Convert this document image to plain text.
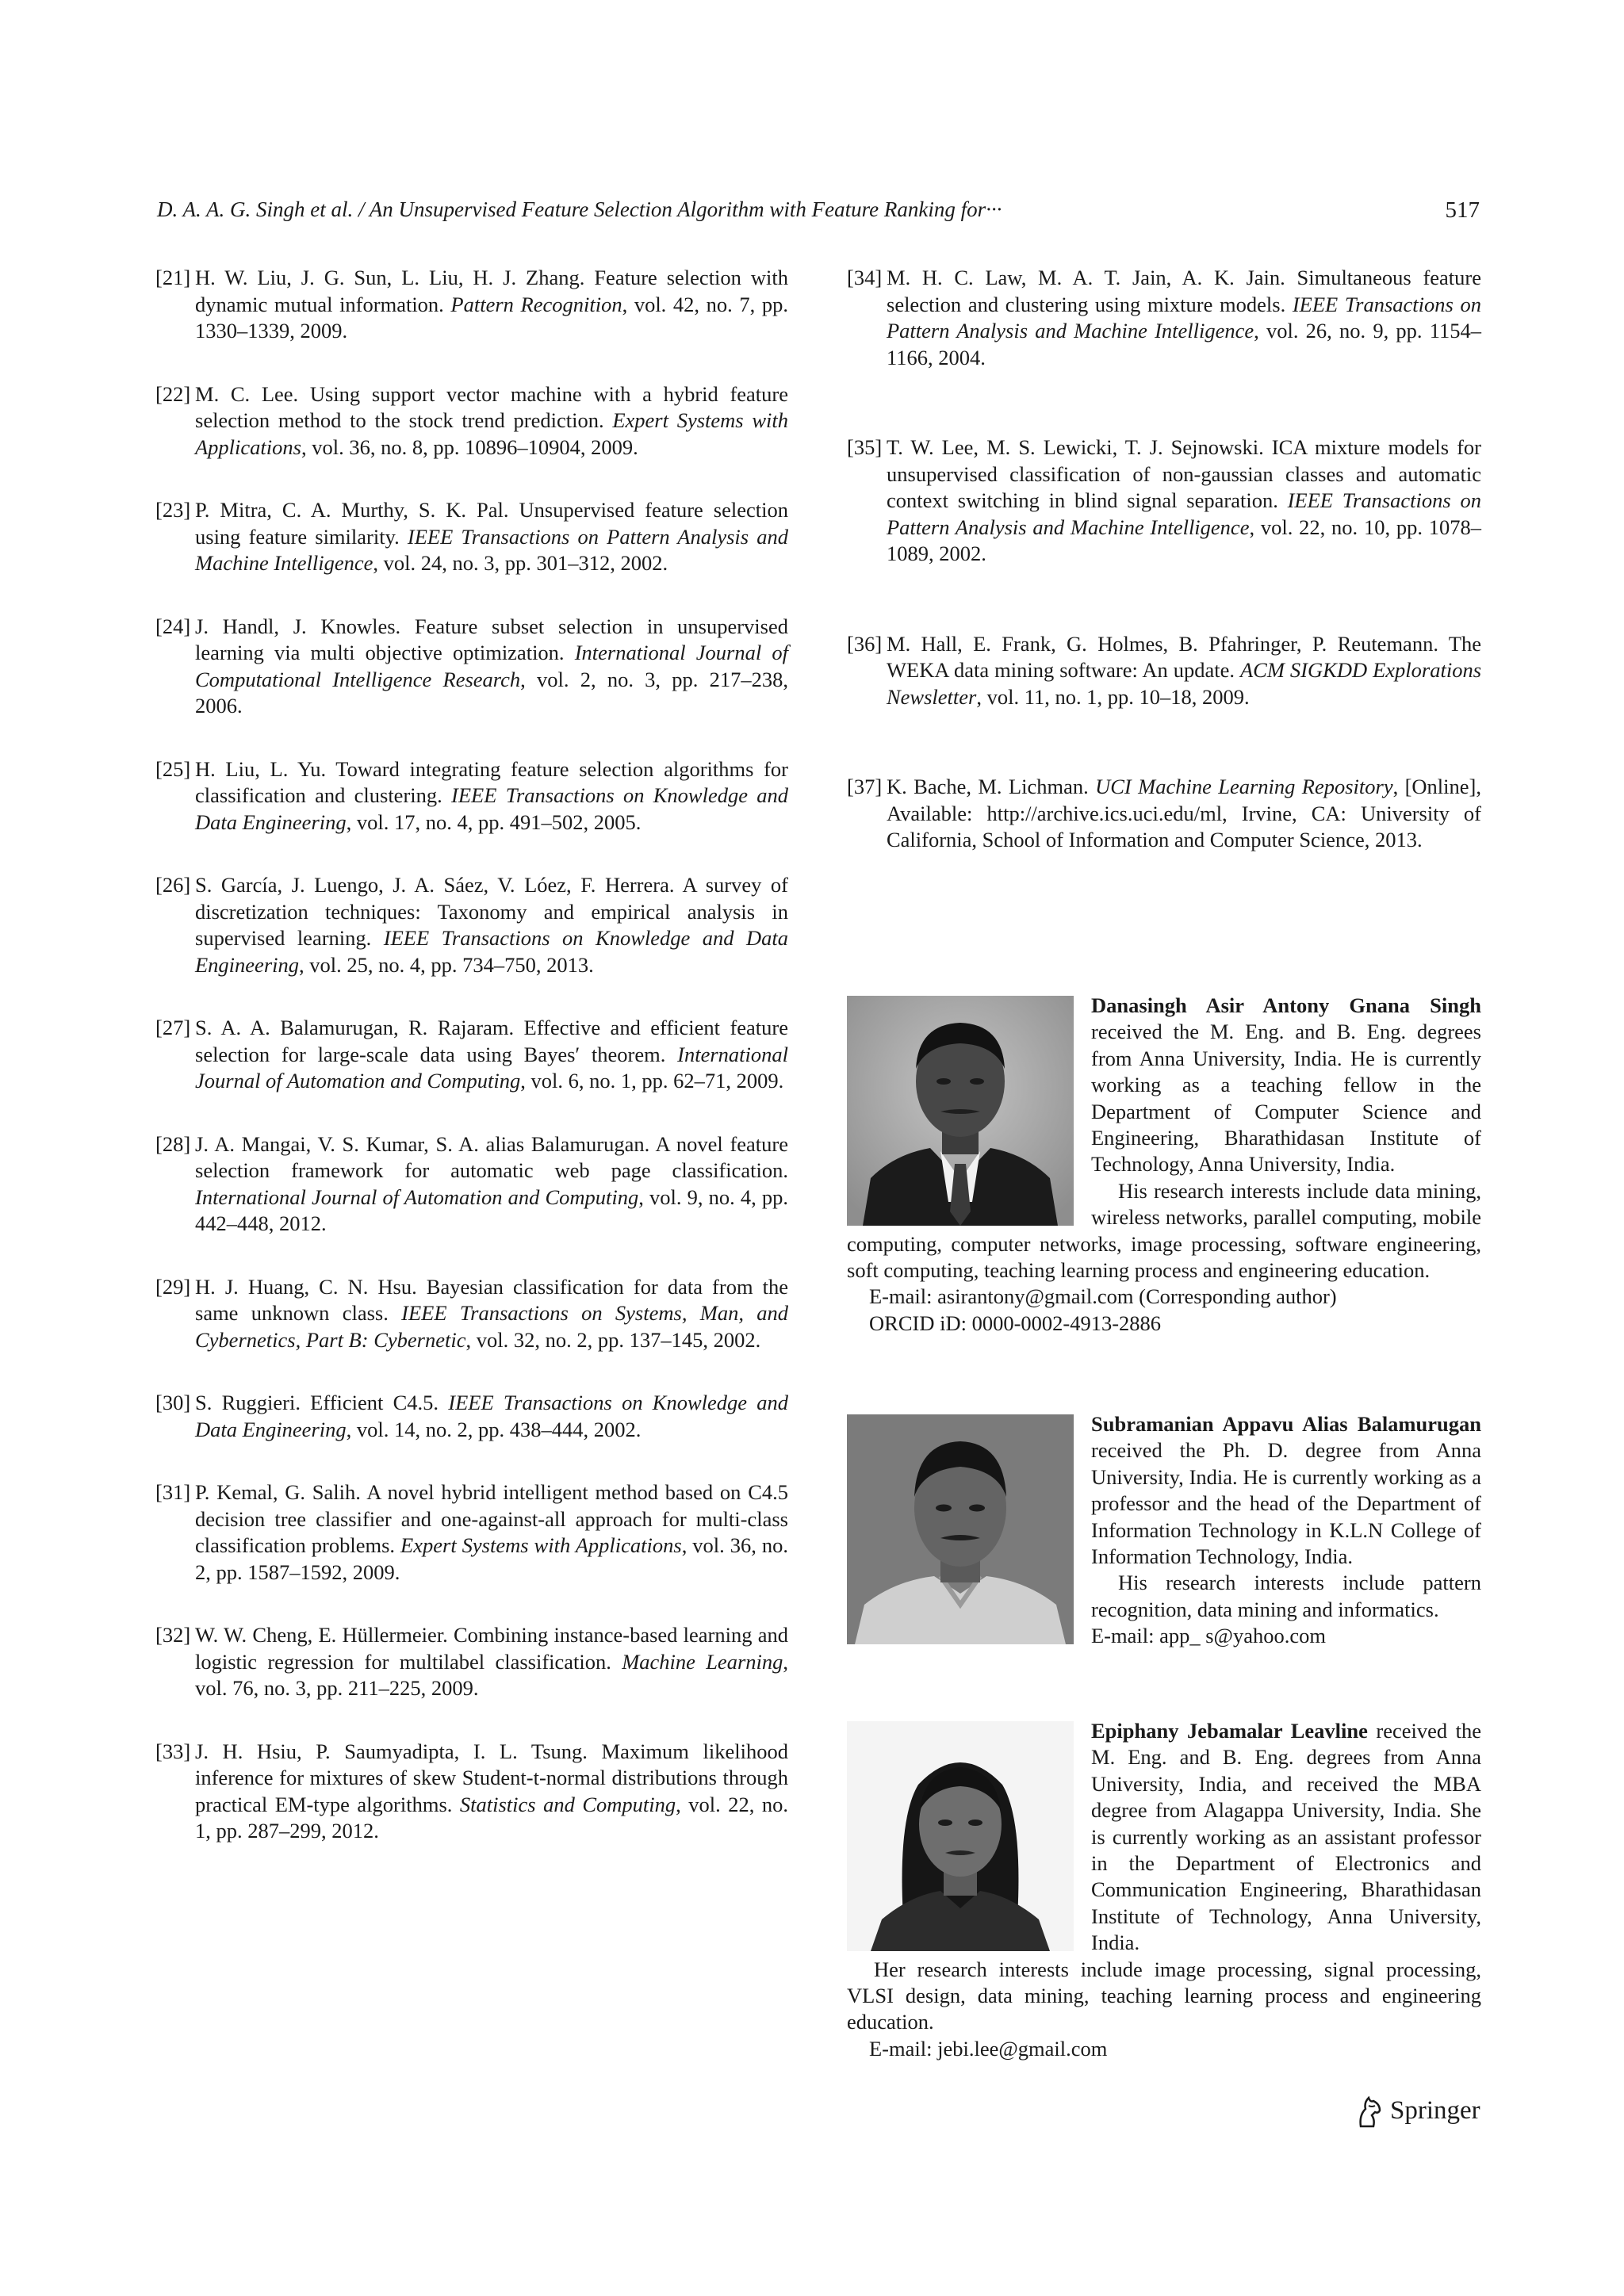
D. A. A. G. Singh et al. / An Unsupervised Feature Selection Algorithm with Feature Ranking for···	517

[21] H. W. Liu, J. G. Sun, L. Liu, H. J. Zhang. Feature selection with dynamic mutual information. Pattern Recognition, vol. 42, no. 7, pp. 1330–1339, 2009.

[22] M. C. Lee. Using support vector machine with a hybrid feature selection method to the stock trend prediction. Expert Systems with Applications, vol. 36, no. 8, pp. 10896–10904, 2009.

[23] P. Mitra, C. A. Murthy, S. K. Pal. Unsupervised feature selection using feature similarity. IEEE Transactions on Pattern Analysis and Machine Intelligence, vol. 24, no. 3, pp. 301–312, 2002.

[24] J. Handl, J. Knowles. Feature subset selection in unsupervised learning via multi objective optimization. International Journal of Computational Intelligence Research, vol. 2, no. 3, pp. 217–238, 2006.

[25] H. Liu, L. Yu. Toward integrating feature selection algorithms for classification and clustering. IEEE Transactions on Knowledge and Data Engineering, vol. 17, no. 4, pp. 491–502, 2005.

[26] S. García, J. Luengo, J. A. Sáez, V. Lóez, F. Herrera. A survey of discretization techniques: Taxonomy and empirical analysis in supervised learning. IEEE Transactions on Knowledge and Data Engineering, vol. 25, no. 4, pp. 734–750, 2013.

[27] S. A. A. Balamurugan, R. Rajaram. Effective and efficient feature selection for large-scale data using Bayes′ theorem. International Journal of Automation and Computing, vol. 6, no. 1, pp. 62–71, 2009.

[28] J. A. Mangai, V. S. Kumar, S. A. alias Balamurugan. A novel feature selection framework for automatic web page classification. International Journal of Automation and Computing, vol. 9, no. 4, pp. 442–448, 2012.

[29] H. J. Huang, C. N. Hsu. Bayesian classification for data from the same unknown class. IEEE Transactions on Systems, Man, and Cybernetics, Part B: Cybernetic, vol. 32, no. 2, pp. 137–145, 2002.

[30] S. Ruggieri. Efficient C4.5. IEEE Transactions on Knowledge and Data Engineering, vol. 14, no. 2, pp. 438–444, 2002.

[31] P. Kemal, G. Salih. A novel hybrid intelligent method based on C4.5 decision tree classifier and one-against-all approach for multi-class classification problems. Expert Systems with Applications, vol. 36, no. 2, pp. 1587–1592, 2009.

[32] W. W. Cheng, E. Hüllermeier. Combining instance-based learning and logistic regression for multilabel classification. Machine Learning, vol. 76, no. 3, pp. 211–225, 2009.

[33] J. H. Hsiu, P. Saumyadipta, I. L. Tsung. Maximum likelihood inference for mixtures of skew Student-t-normal distributions through practical EM-type algorithms. Statistics and Computing, vol. 22, no. 1, pp. 287–299, 2012.

[34] M. H. C. Law, M. A. T. Jain, A. K. Jain. Simultaneous feature selection and clustering using mixture models. IEEE Transactions on Pattern Analysis and Machine Intelligence, vol. 26, no. 9, pp. 1154–1166, 2004.

[35] T. W. Lee, M. S. Lewicki, T. J. Sejnowski. ICA mixture models for unsupervised classification of non-gaussian classes and automatic context switching in blind signal separation. IEEE Transactions on Pattern Analysis and Machine Intelligence, vol. 22, no. 10, pp. 1078–1089, 2002.

[36] M. Hall, E. Frank, G. Holmes, B. Pfahringer, P. Reutemann. The WEKA data mining software: An update. ACM SIGKDD Explorations Newsletter, vol. 11, no. 1, pp. 10–18, 2009.

[37] K. Bache, M. Lichman. UCI Machine Learning Repository, [Online], Available: http://archive.ics.uci.edu/ml, Irvine, CA: University of California, School of Information and Computer Science, 2013.

Danasingh Asir Antony Gnana Singh received the M. Eng. and B. Eng. degrees from Anna University, India. He is currently working as a teaching fellow in the Department of Computer Science and Engineering, Bharathidasan Institute of Technology, Anna University, India.

His research interests include data mining, wireless networks, parallel computing, mobile computing, computer networks, image processing, software engineering, soft computing, teaching learning process and engineering education.

E-mail: asirantony@gmail.com (Corresponding author)

ORCID iD: 0000-0002-4913-2886

Subramanian Appavu Alias Balamurugan received the Ph. D. degree from Anna University, India. He is currently working as a professor and the head of the Department of Information Technology in K.L.N College of Information Technology, India.

His research interests include pattern recognition, data mining and informatics.

E-mail: app_ s@yahoo.com

Epiphany Jebamalar Leavline received the M. Eng. and B. Eng. degrees from Anna University, India, and received the MBA degree from Alagappa University, India. She is currently working as an assistant professor in the Department of Electronics and Communication Engineering, Bharathidasan Institute of Technology, Anna University, India.

Her research interests include image processing, signal processing, VLSI design, data mining, teaching learning process and engineering education.

E-mail: jebi.lee@gmail.com

Springer
